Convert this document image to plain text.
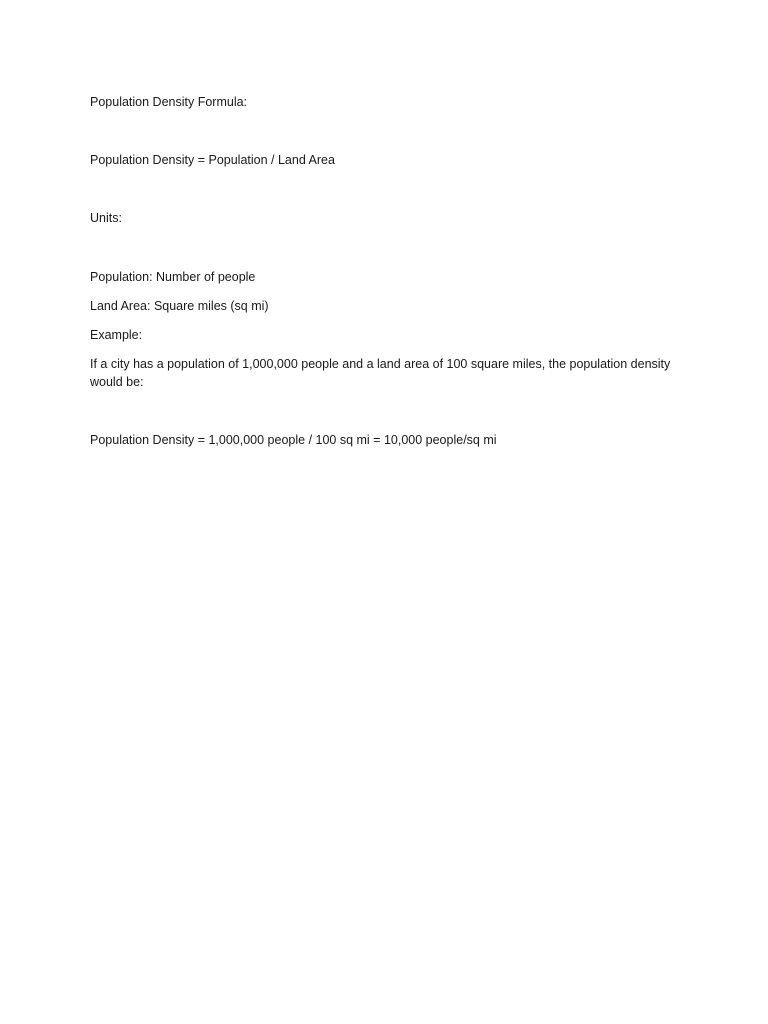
Population Density Formula:

Population Density = Population / Land Area

Units:

Population: Number of people

Land Area: Square miles (sq mi)

Example:

If a city has a population of 1,000,000 people and a land area of 100 square miles, the population density would be:

Population Density = 1,000,000 people / 100 sq mi = 10,000 people/sq mi
